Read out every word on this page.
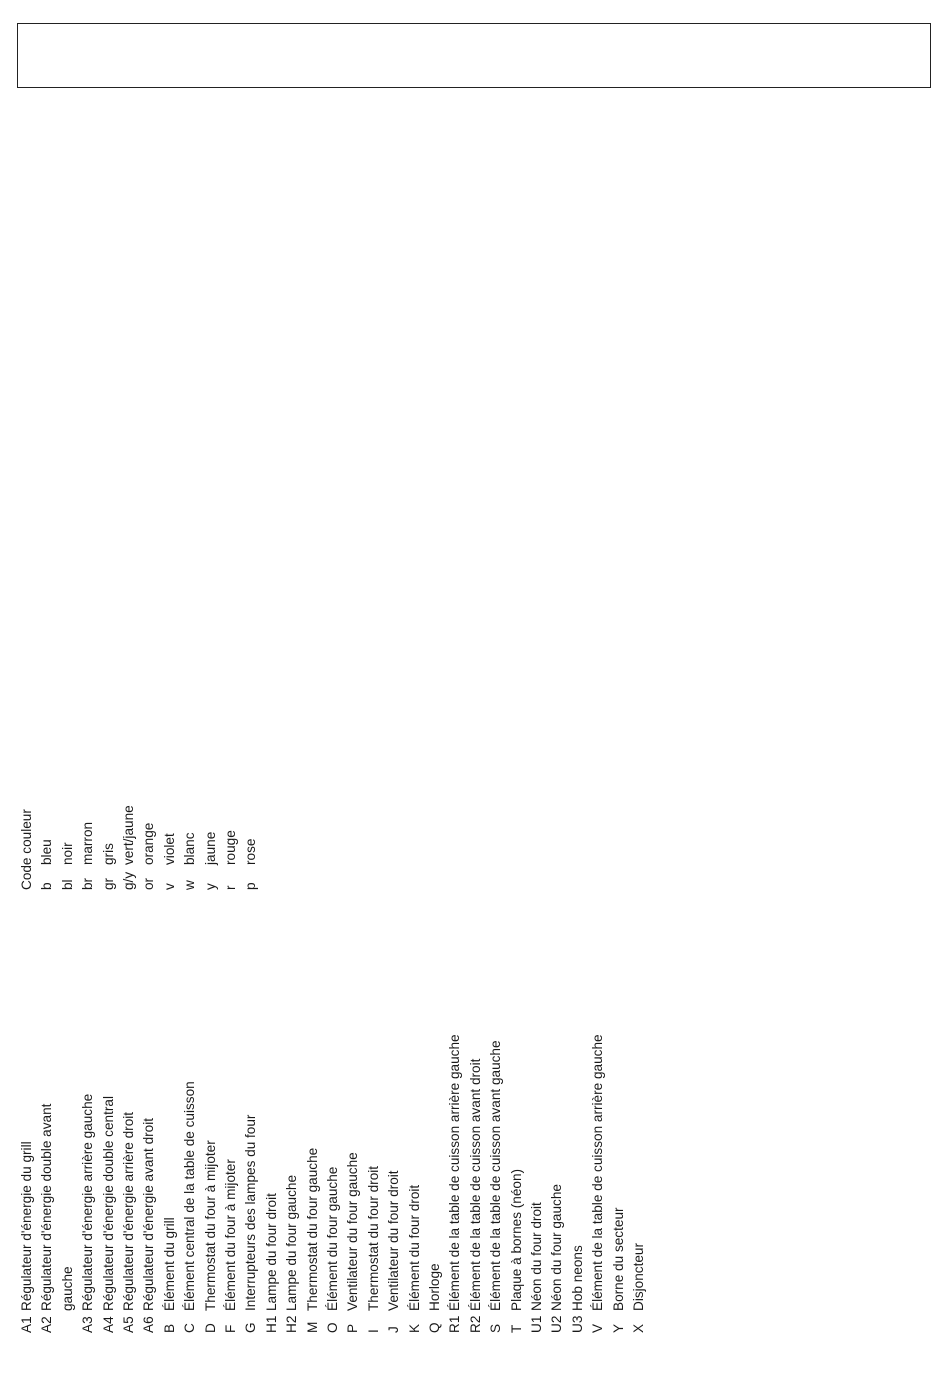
Code couleur
A1
Régulateur d'énergie du grill
A2
Régulateur d'énergie double avant gauche
A3
Régulateur d'énergie arrière gauche
A4
Régulateur d'énergie double central
A5
Régulateur d'énergie arrière droit
A6
Régulateur d'énergie avant droit
B
Élément du grill
C
Élément central de la table de cuisson
D
Thermostat du four à mijoter
F
Élément du four à mijoter
G
Interrupteurs des lampes du four
H1
Lampe du four droit
H2
Lampe du four gauche
M
Thermostat du four gauche
O
Élément du four gauche
P
Ventilateur du four gauche
I
Thermostat du four droit
J
Ventilateur du four droit
K
Élément du four droit
Q
Horloge
R1
Élément de la table de cuisson arrière gauche
R2
Élément de la table de cuisson avant droit
S
Élément de la table de cuisson avant gauche
T
Plaque à bornes (néon)
U1
Néon du four droit
U2
Néon du four gauche
U3
Hob neons
V
Élément de la table de cuisson arrière gauche
Y
Borne du secteur
X
Disjoncteur
b
bleu
bl
noir
br
marron
gr
gris
g/y
vert/jaune
or
orange
v
violet
w
blanc
y
jaune
r
rouge
p
rose
